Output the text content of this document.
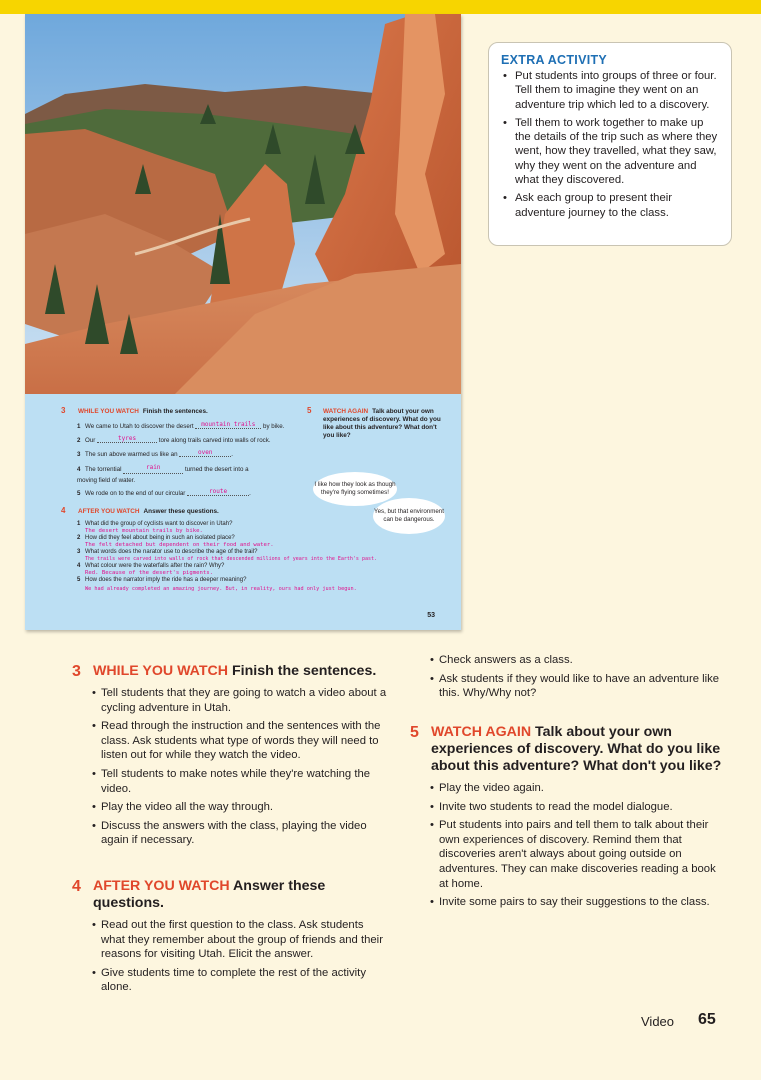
3 WHILE YOU WATCH Finish the sentences.
1 We came to Utah to discover the desert mountain trails by bike.
2 Our	tyres	tore along trails carved into walls of rock.
3 The sun above warmed us like an	oven	.
4 The torrential	rain	turned the desert into a moving field of water.
5 We rode on to the end of our circular	route	.
4 AFTER YOU WATCH Answer these questions.
1 What did the group of cyclists want to discover in Utah?
The desert mountain trails by bike.
2 How did they feel about being in such an isolated place?
The felt detached but dependent on their food and water.
3 What words does the narator use to describe the age of the trail?
The trails were carved into walls of rock that descended millions of years into the Earth's past.
4 What colour were the waterfalls after the rain? Why?
Red. Because of the desert's pigments.
5 How does the narrator imply the ride has a deeper meaning?
We had already completed an amazing journey. But, in reality, ours had only just begun.
5 WATCH AGAIN Talk about your own experiences of discovery. What do you like about this adventure? What don't you like?
I like how they look as though they're flying sometimes!
Yes, but that environment can be dangerous.
53
EXTRA ACTIVITY
• Put students into groups of three or four. Tell them to imagine they went on an adventure trip which led to a discovery.
• Tell them to work together to make up the details of the trip such as where they went, how they travelled, what they saw, why they went on the adventure and what they discovered.
• Ask each group to present their adventure journey to the class.
3 WHILE YOU WATCH Finish the sentences.
• Tell students that they are going to watch a video about a cycling adventure in Utah.
• Read through the instruction and the sentences with the class. Ask students what type of words they will need to listen out for while they watch the video.
• Tell students to make notes while they're watching the video.
• Play the video all the way through.
• Discuss the answers with the class, playing the video again if necessary.
4 AFTER YOU WATCH Answer these questions.
• Read out the first question to the class. Ask students what they remember about the group of friends and their reasons for visiting Utah. Elicit the answer.
• Give students time to complete the rest of the activity alone.
• Check answers as a class.
• Ask students if they would like to have an adventure like this. Why/Why not?
5 WATCH AGAIN Talk about your own experiences of discovery. What do you like about this adventure? What don't you like?
• Play the video again.
• Invite two students to read the model dialogue.
• Put students into pairs and tell them to talk about their own experiences of discovery. Remind them that discoveries aren't always about going outside on adventures. They can make discoveries reading a book at home.
• Invite some pairs to say their suggestions to the class.
Video 65
